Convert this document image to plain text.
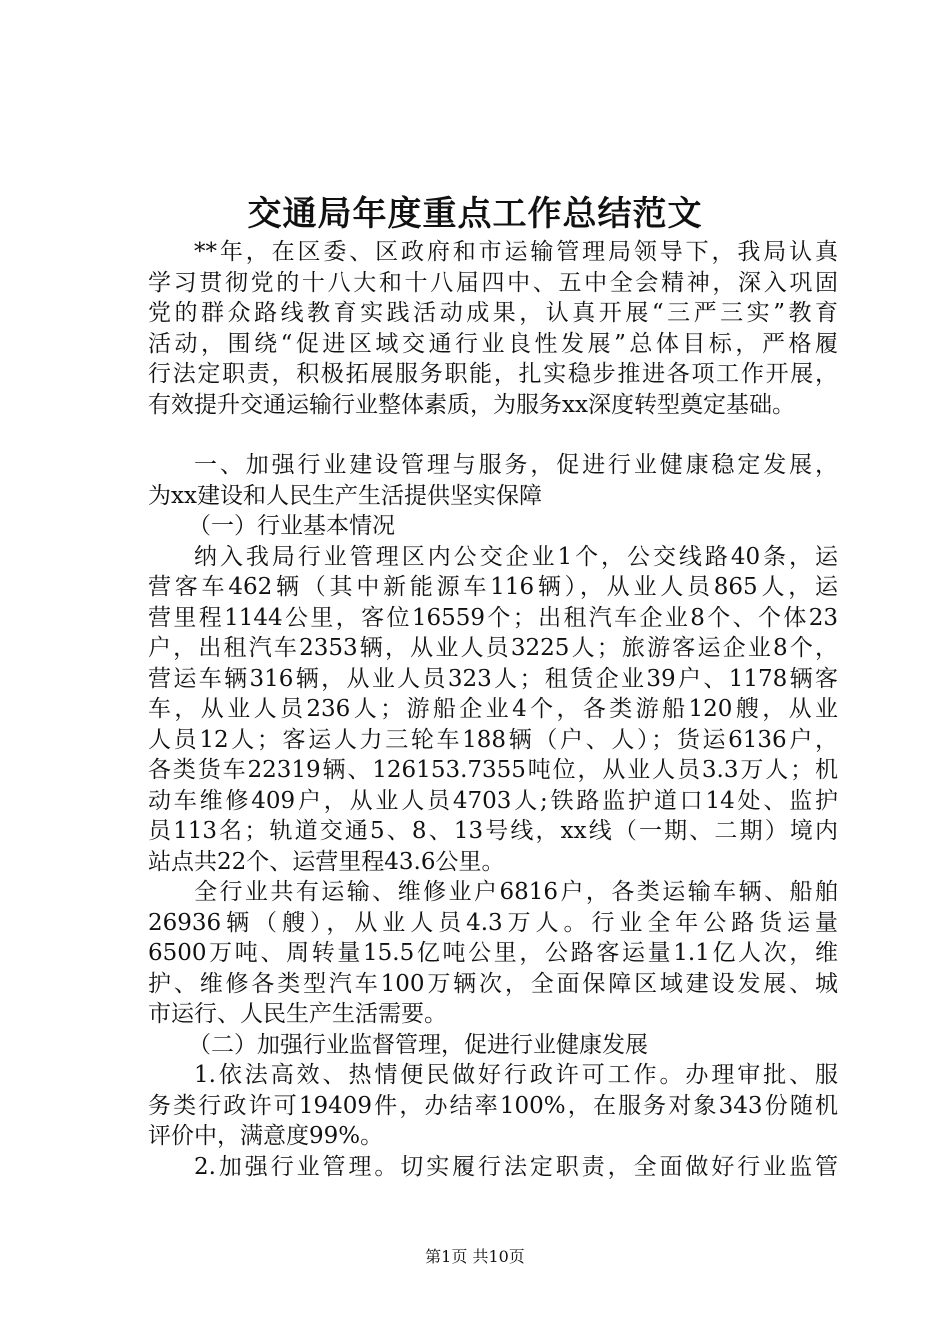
交通局年度重点工作总结范文
**年，在区委、区政府和市运输管理局领导下，我局认真
学习贯彻党的十八大和十八届四中、五中全会精神，深入巩固
党的群众路线教育实践活动成果，认真开展“三严三实”教育
活动，围绕“促进区域交通行业良性发展”总体目标，严格履
行法定职责，积极拓展服务职能，扎实稳步推进各项工作开展，
有效提升交通运输行业整体素质，为服务xx深度转型奠定基础。
一、加强行业建设管理与服务，促进行业健康稳定发展，
为xx建设和人民生产生活提供坚实保障
（一）行业基本情况
纳入我局行业管理区内公交企业1个，公交线路40条，运
营客车462辆（其中新能源车116辆），从业人员865人，运
营里程1144公里，客位16559个；出租汽车企业8个、个体23
户，出租汽车2353辆，从业人员3225人；旅游客运企业8个，
营运车辆316辆，从业人员323人；租赁企业39户、1178辆客
车，从业人员236人；游船企业4个，各类游船120艘，从业
人员12人；客运人力三轮车188辆（户、人）；货运6136户，
各类货车22319辆、126153.7355吨位，从业人员3.3万人；机
动车维修409户，从业人员4703人;铁路监护道口14处、监护
员113名；轨道交通5、8、13号线，xx线（一期、二期）境内
站点共22个、运营里程43.6公里。
全行业共有运输、维修业户6816户，各类运输车辆、船舶
26936辆（艘），从业人员4.3万人。行业全年公路货运量
6500万吨、周转量15.5亿吨公里，公路客运量1.1亿人次，维
护、维修各类型汽车100万辆次，全面保障区域建设发展、城
市运行、人民生产生活需要。
（二）加强行业监督管理，促进行业健康发展
1.依法高效、热情便民做好行政许可工作。办理审批、服
务类行政许可19409件，办结率100%，在服务对象343份随机
评价中，满意度99%。
2.加强行业管理。切实履行法定职责，全面做好行业监管
第1页 共10页
